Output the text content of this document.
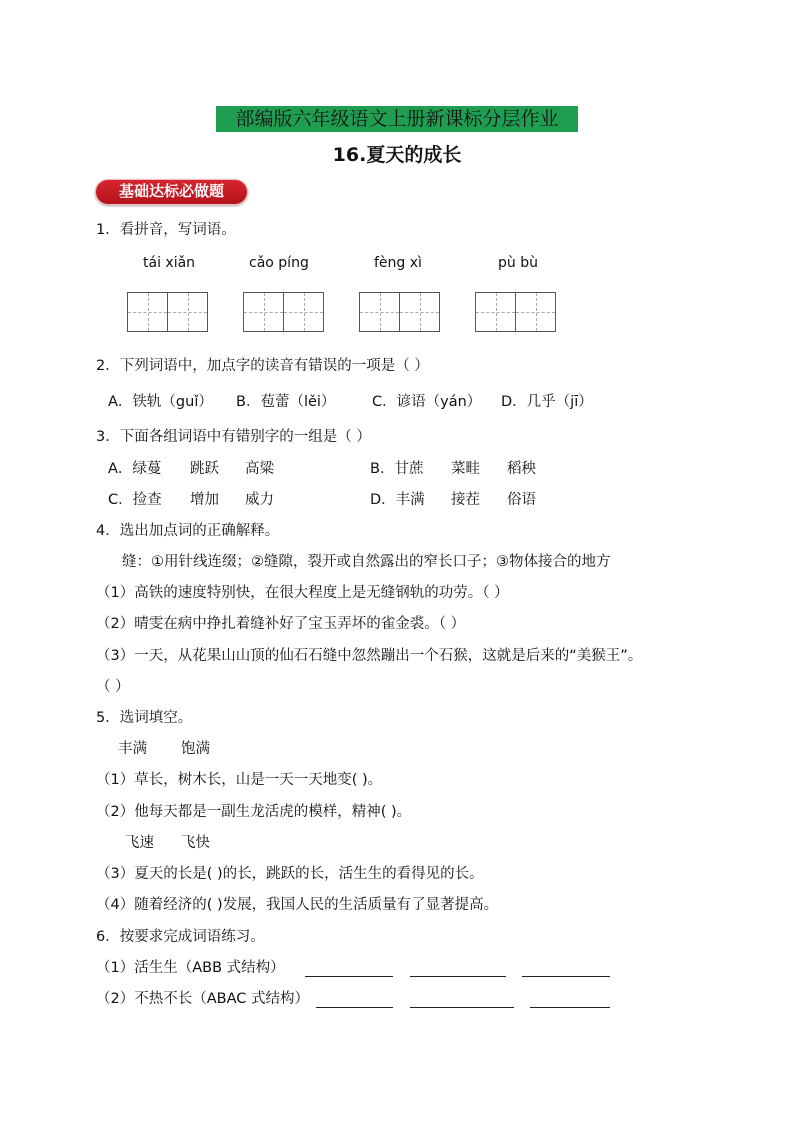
部编版六年级语文上册新课标分层作业
16.夏天的成长
基础达标必做题
1．看拼音，写词语。
tái xiǎn	cǎo píng	fèng xì	pù bù
2．下列词语中，加点字的读音有错误的一项是（ ）
A．铁轨（guǐ） B．苞蕾（lěi）	C．谚语（yán） D．几乎（jī）
3．下面各组词语中有错别字的一组是（ ）
A．绿蔓 跳跃 高粱	B．甘蔗 菜畦 稻秧
C．捡查 增加 威力	D．丰满 接茬 俗语
4．选出加点词的正确解释。
缝：①用针线连缀；②缝隙，裂开或自然露出的窄长口子；③物体接合的地方
（1）高铁的速度特别快，在很大程度上是无缝钢轨的功劳。（ ）
（2）晴雯在病中挣扎着缝补好了宝玉弄坏的雀金裘。（ ）
（3）一天，从花果山山顶的仙石石缝中忽然蹦出一个石猴，这就是后来的“美猴王”。
（ ）
5．选词填空。
丰满 饱满
（1）草长，树木长，山是一天一天地变( )。
（2）他每天都是一副生龙活虎的模样，精神( )。
飞速 飞快
（3）夏天的长是( )的长，跳跃的长，活生生的看得见的长。
（4）随着经济的( )发展，我国人民的生活质量有了显著提高。
6．按要求完成词语练习。
（1）活生生（ABB 式结构）
（2）不热不长（ABAC 式结构）
